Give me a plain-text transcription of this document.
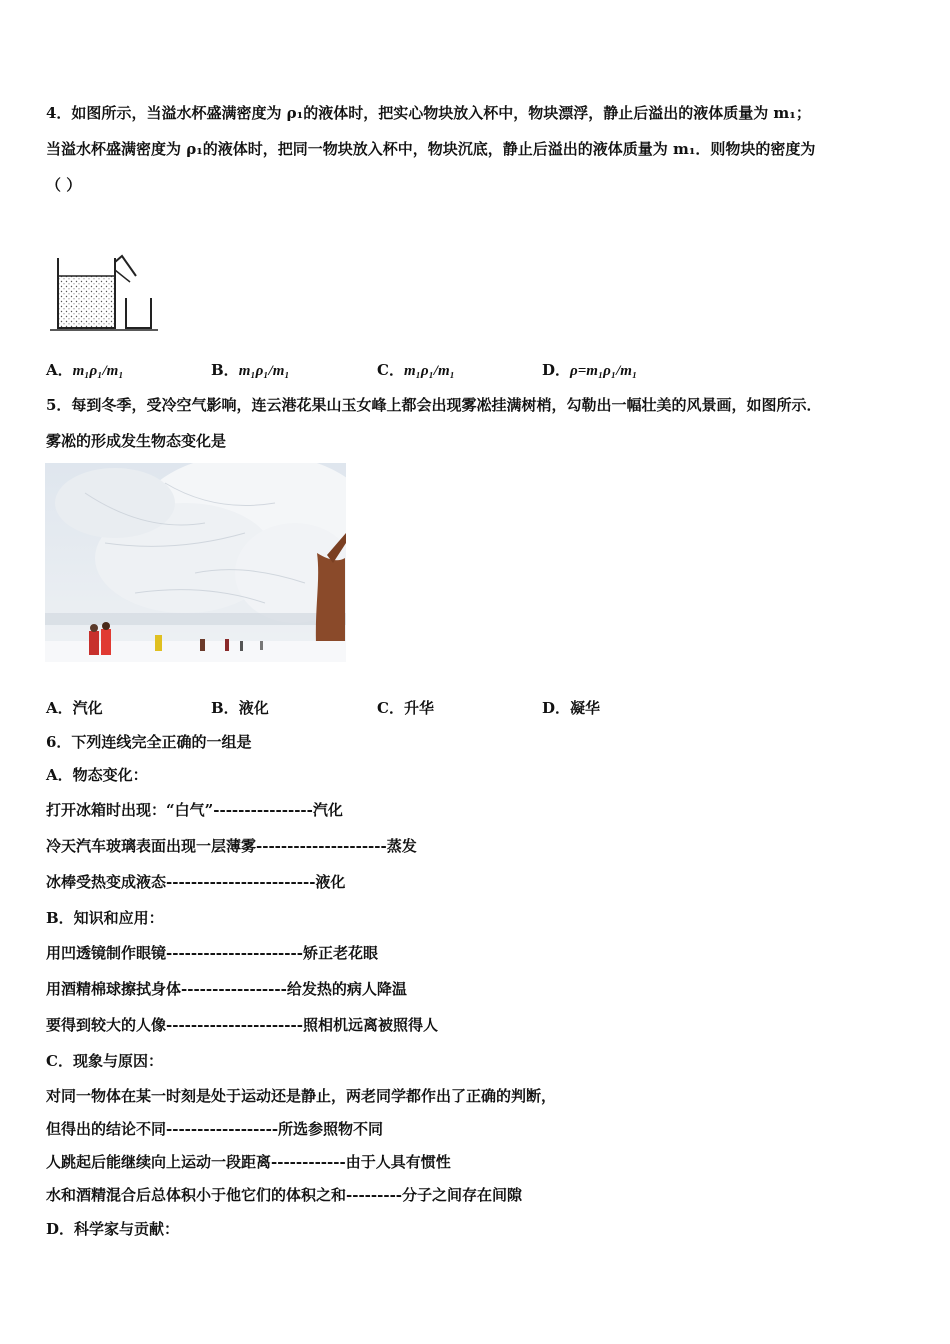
4．如图所示，当溢水杯盛满密度为 ρ₁的液体时，把实心物块放入杯中，物块漂浮，静止后溢出的液体质量为 m₁；
当溢水杯盛满密度为 ρ₁的液体时，把同一物块放入杯中，物块沉底，静止后溢出的液体质量为 m₁．则物块的密度为
（ ）
A．m₁ρ₁/m₁	B．m₁ρ₁/m₁	C．m₁ρ₁/m₁	D．ρ=m₁ρ₁/m₁
5．每到冬季，受冷空气影响，连云港花果山玉女峰上都会出现雾凇挂满树梢，勾勒出一幅壮美的风景画，如图所示．
雾凇的形成发生物态变化是
A．汽化	B．液化	C．升华	D．凝华
6．下列连线完全正确的一组是
A．物态变化：
打开冰箱时出现：“白气”----------------汽化
冷天汽车玻璃表面出现一层薄雾---------------------蒸发
冰棒受热变成液态------------------------液化
B．知识和应用：
用凹透镜制作眼镜----------------------矫正老花眼
用酒精棉球擦拭身体-----------------给发热的病人降温
要得到较大的人像----------------------照相机远离被照得人
C．现象与原因：
对同一物体在某一时刻是处于运动还是静止，两老同学都作出了正确的判断，
但得出的结论不同------------------所选参照物不同
人跳起后能继续向上运动一段距离------------由于人具有惯性
水和酒精混合后总体积小于他它们的体积之和---------分子之间存在间隙
D．科学家与贡献：
